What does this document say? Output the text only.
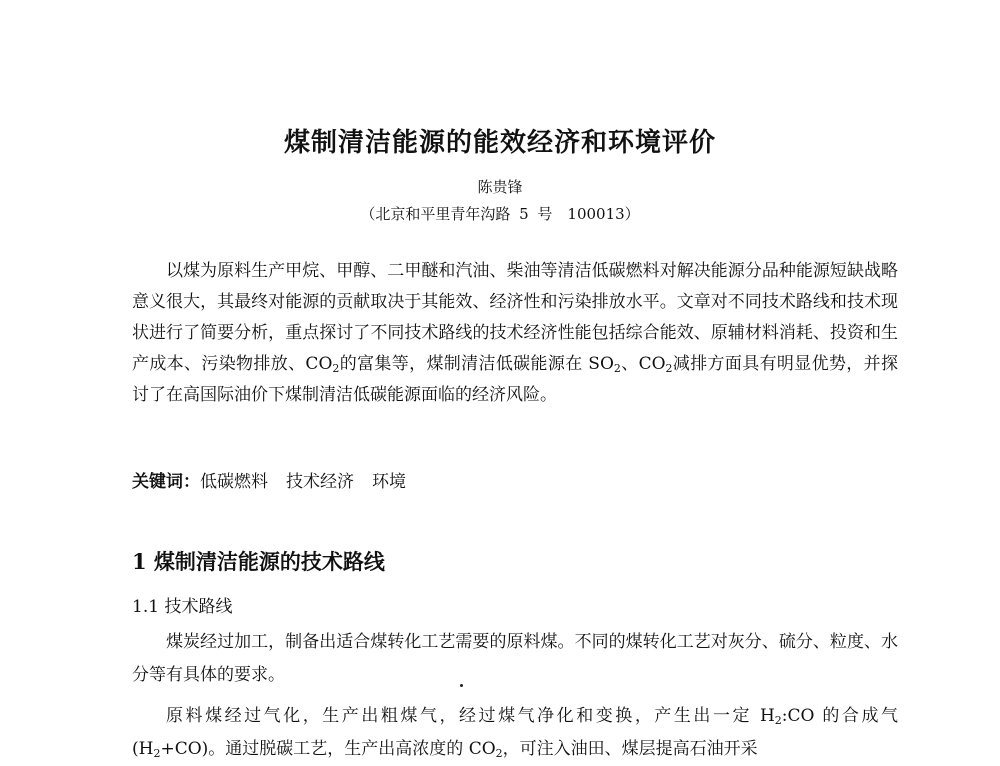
煤制清洁能源的能效经济和环境评价
陈贵锋
（北京和平里青年沟路 5 号　100013）
以煤为原料生产甲烷、甲醇、二甲醚和汽油、柴油等清洁低碳燃料对解决能源分品种能源短缺战略意义很大，其最终对能源的贡献取决于其能效、经济性和污染排放水平。文章对不同技术路线和技术现状进行了简要分析，重点探讨了不同技术路线的技术经济性能包括综合能效、原辅材料消耗、投资和生产成本、污染物排放、$CO_2$的富集等，煤制清洁低碳能源在 $SO_2$、$CO_2$减排方面具有明显优势，并探讨了在高国际油价下煤制清洁低碳能源面临的经济风险。
关键词：低碳燃料 技术经济 环境
1 煤制清洁能源的技术路线
1.1 技术路线
煤炭经过加工，制备出适合煤转化工艺需要的原料煤。不同的煤转化工艺对灰分、硫分、粒度、水分等有具体的要求。
原料煤经过气化，生产出粗煤气，经过煤气净化和变换，产生出一定 $H_2:CO$ 的合成气$(H_2+CO)$。通过脱碳工艺，生产出高浓度的 $CO_2$，可注入油田、煤层提高石油开采
